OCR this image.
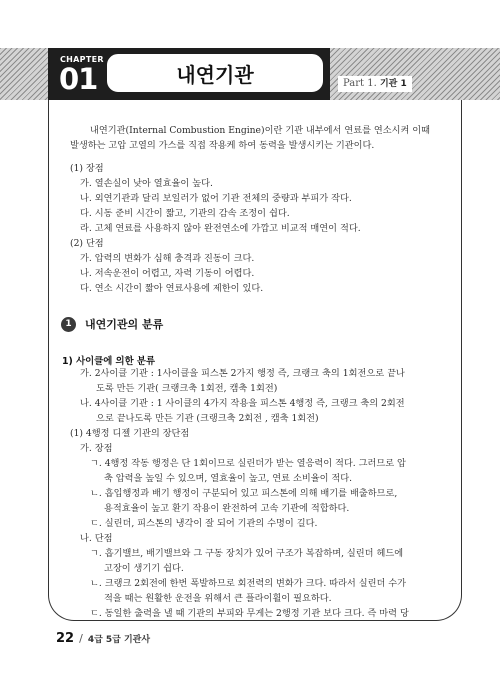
CHAPTER
01	내연기관	Part 1. 기관 1
내연기관(Internal Combustion Engine)이란 기관 내부에서 연료를 연소시켜 이때
발생하는 고압 고열의 가스를 직접 작용케 하여 동력을 발생시키는 기관이다.
(1) 장점
가. 열손실이 낮아 열효율이 높다.
나. 외연기관과 달리 보일러가 없어 기관 전체의 중량과 부피가 작다.
다. 시동 준비 시간이 짧고, 기관의 감속 조정이 쉽다.
라. 고체 연료를 사용하지 않아 완전연소에 가깝고 비교적 매연이 적다.
(2) 단점
가. 압력의 변화가 심해 충격과 진동이 크다.
나. 저속운전이 어렵고, 자력 기동이 어렵다.
다. 연소 시간이 짧아 연료사용에 제한이 있다.
1	내연기관의 분류
1) 사이클에 의한 분류
가. 2사이클 기관 : 1사이클을 피스톤 2가지 행정 즉, 크랭크 축의 1회전으로 끝나
도록 만든 기관( 크랭크축 1회전, 캠축 1회전)
나. 4사이클 기관 : 1 사이클의 4가지 작용을 피스톤 4행정 즉, 크랭크 축의 2회전
으로 끝나도록 만든 기관 (크랭크축 2회전 , 캠축 1회전)
(1) 4행정 디젤 기관의 장단점
가. 장점
ㄱ. 4행정 작동 행정은 단 1회이므로 실린더가 받는 열응력이 적다. 그러므로 압
축 압력을 높일 수 있으며, 열효율이 높고, 연료 소비율이 적다.
ㄴ. 흡입행정과 배기 행정이 구분되어 있고 피스톤에 의해 배기를 배출하므로,
용적효율이 높고 환기 작용이 완전하여 고속 기관에 적합하다.
ㄷ. 실린더, 피스톤의 냉각이 잘 되어 기관의 수명이 길다.
나. 단점
ㄱ. 흡기밸브, 배기밸브와 그 구동 장치가 있어 구조가 복잡하며, 실린더 헤드에
고장이 생기기 쉽다.
ㄴ. 크랭크 2회전에 한번 폭발하므로 회전력의 변화가 크다. 따라서 실린더 수가
적을 때는 원활한 운전을 위해서 큰 플라이휠이 필요하다.
ㄷ. 동일한 출력을 낼 때 기관의 부피와 무게는 2행정 기관 보다 크다. 즉 마력 당
22 / 4급 5급 기관사
